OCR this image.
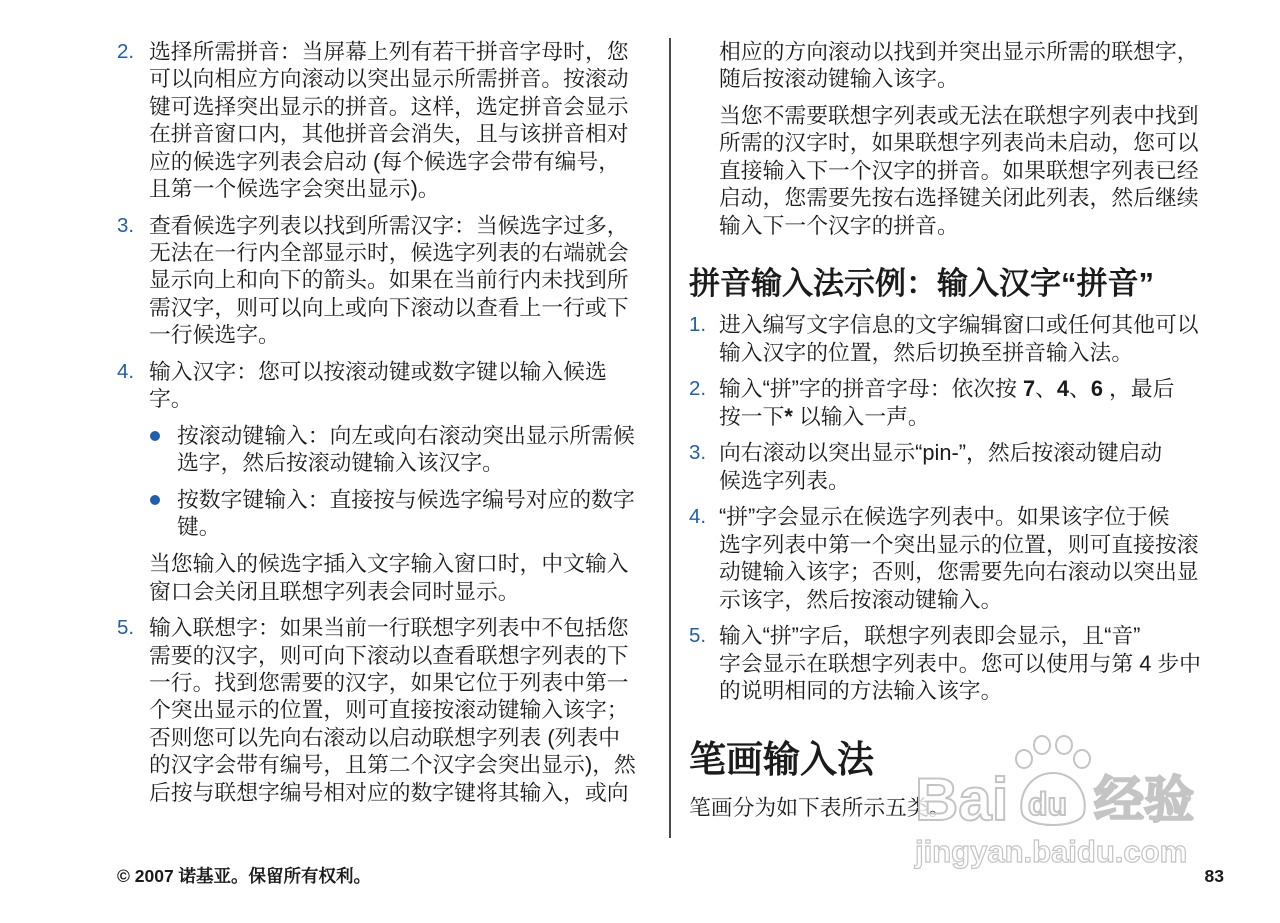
2. 选择所需拼音：当屏幕上列有若干拼音字母时，您
可以向相应方向滚动以突出显示所需拼音。按滚动
键可选择突出显示的拼音。这样，选定拼音会显示
在拼音窗口内，其他拼音会消失，且与该拼音相对
应的候选字列表会启动 (每个候选字会带有编号，
且第一个候选字会突出显示)。
3. 查看候选字列表以找到所需汉字：当候选字过多，
无法在一行内全部显示时，候选字列表的右端就会
显示向上和向下的箭头。如果在当前行内未找到所
需汉字，则可以向上或向下滚动以查看上一行或下
一行候选字。
4. 输入汉字：您可以按滚动键或数字键以输入候选
字。
按滚动键输入：向左或向右滚动突出显示所需候
选字，然后按滚动键输入该汉字。
按数字键输入：直接按与候选字编号对应的数字
键。
当您输入的候选字插入文字输入窗口时，中文输入
窗口会关闭且联想字列表会同时显示。
5. 输入联想字：如果当前一行联想字列表中不包括您
需要的汉字，则可向下滚动以查看联想字列表的下
一行。找到您需要的汉字，如果它位于列表中第一
个突出显示的位置，则可直接按滚动键输入该字；
否则您可以先向右滚动以启动联想字列表 (列表中
的汉字会带有编号，且第二个汉字会突出显示)，然
后按与联想字编号相对应的数字键将其输入，或向
相应的方向滚动以找到并突出显示所需的联想字，
随后按滚动键输入该字。
当您不需要联想字列表或无法在联想字列表中找到
所需的汉字时，如果联想字列表尚未启动，您可以
直接输入下一个汉字的拼音。如果联想字列表已经
启动，您需要先按右选择键关闭此列表，然后继续
输入下一个汉字的拼音。
拼音输入法示例：输入汉字“拼音”
1. 进入编写文字信息的文字编辑窗口或任何其他可以
输入汉字的位置，然后切换至拼音输入法。
2. 输入“拼”字的拼音字母：依次按 7、4、6 ，最后
按一下* 以输入一声。
3. 向右滚动以突出显示“pin-”，然后按滚动键启动
候选字列表。
4. “拼”字会显示在候选字列表中。如果该字位于候
选字列表中第一个突出显示的位置，则可直接按滚
动键输入该字；否则，您需要先向右滚动以突出显
示该字，然后按滚动键输入。
5. 输入“拼”字后，联想字列表即会显示，且“音”
字会显示在联想字列表中。您可以使用与第 4 步中
的说明相同的方法输入该字。
笔画输入法
笔画分为如下表所示五类。
© 2007 诺基亚。保留所有权利。	83
Bai du 经验
jingyan.baidu.com
